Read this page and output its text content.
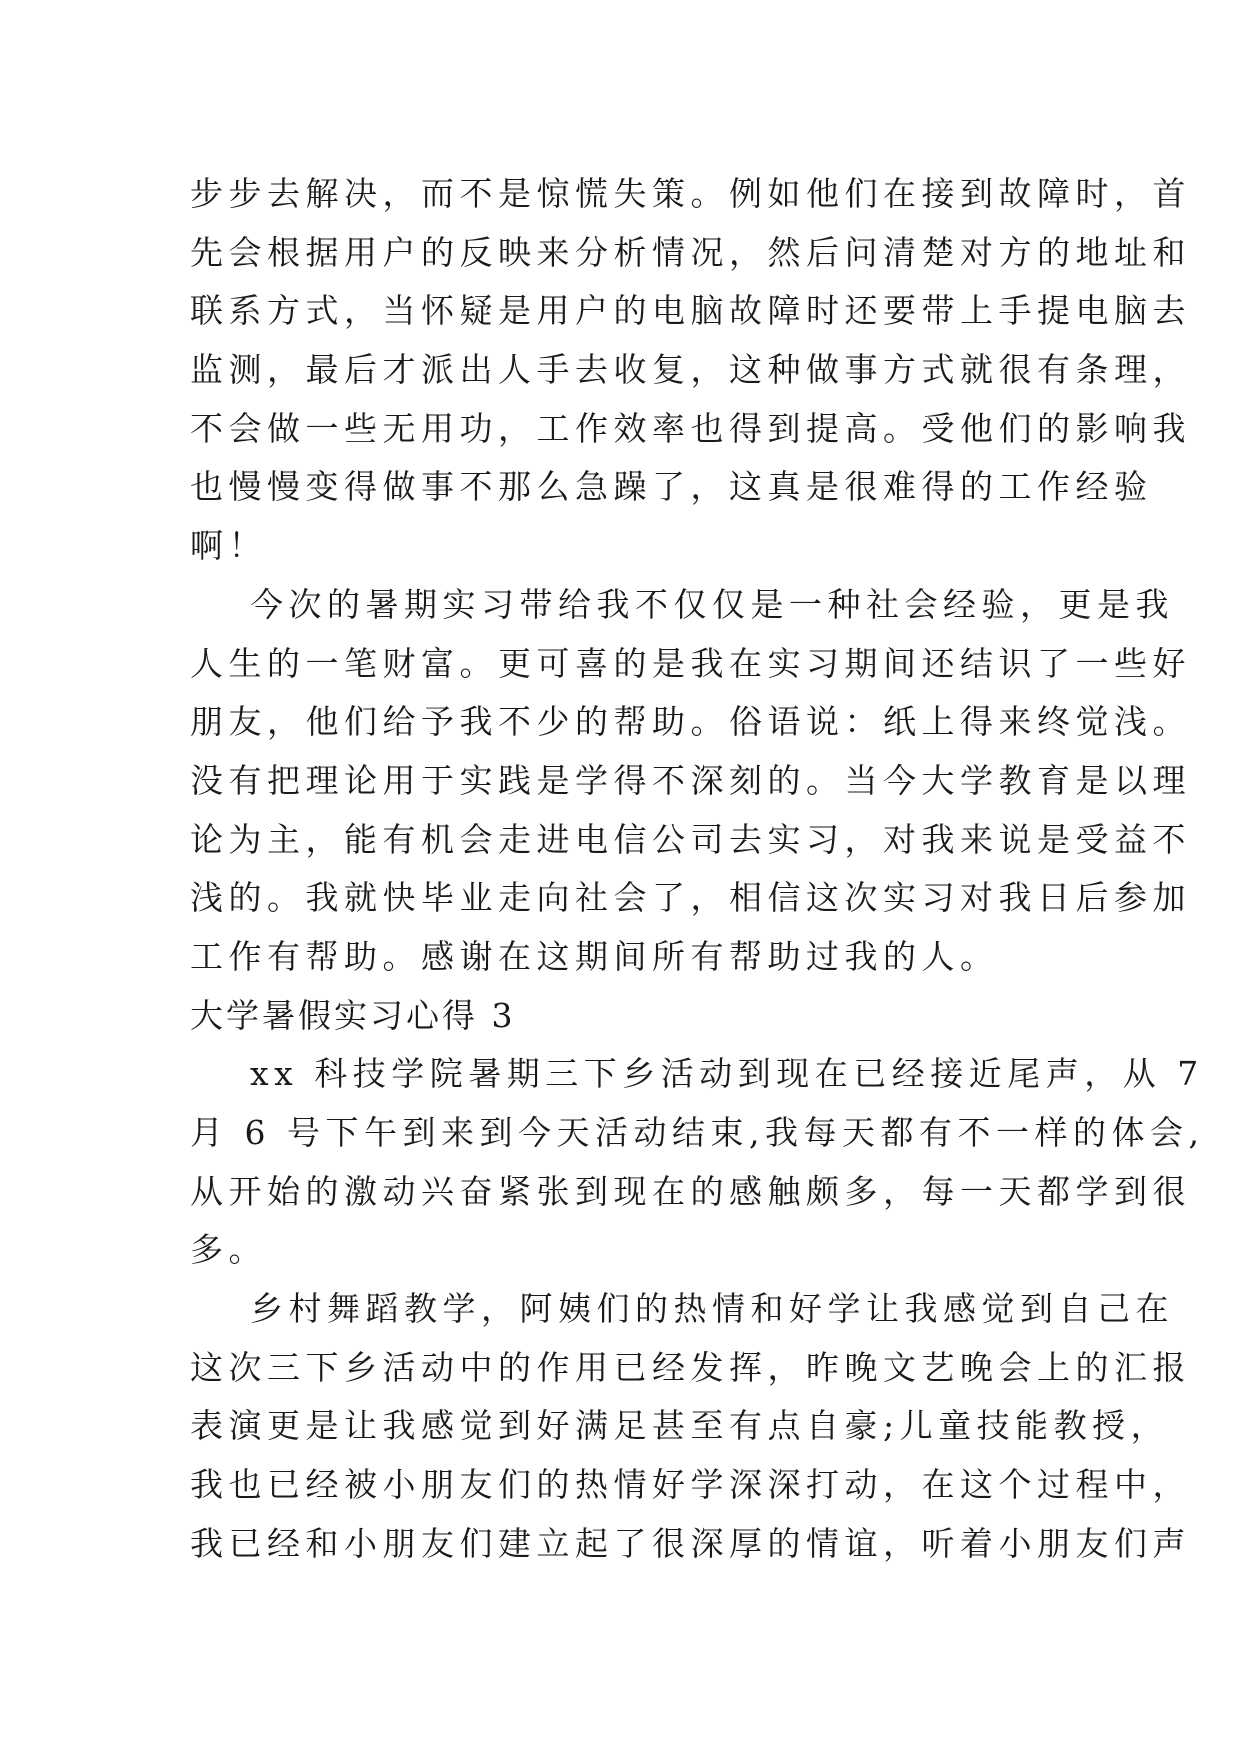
步步去解决，而不是惊慌失策。例如他们在接到故障时，首
先会根据用户的反映来分析情况，然后问清楚对方的地址和
联系方式，当怀疑是用户的电脑故障时还要带上手提电脑去
监测，最后才派出人手去收复，这种做事方式就很有条理，
不会做一些无用功，工作效率也得到提高。受他们的影响我
也慢慢变得做事不那么急躁了，这真是很难得的工作经验
啊！
今次的暑期实习带给我不仅仅是一种社会经验，更是我
人生的一笔财富。更可喜的是我在实习期间还结识了一些好
朋友，他们给予我不少的帮助。俗语说：纸上得来终觉浅。
没有把理论用于实践是学得不深刻的。当今大学教育是以理
论为主，能有机会走进电信公司去实习，对我来说是受益不
浅的。我就快毕业走向社会了，相信这次实习对我日后参加
工作有帮助。感谢在这期间所有帮助过我的人。
大学暑假实习心得 3
xx 科技学院暑期三下乡活动到现在已经接近尾声，从 7
月 6 号下午到来到今天活动结束,我每天都有不一样的体会,
从开始的激动兴奋紧张到现在的感触颇多，每一天都学到很
多。
乡村舞蹈教学，阿姨们的热情和好学让我感觉到自己在
这次三下乡活动中的作用已经发挥，昨晚文艺晚会上的汇报
表演更是让我感觉到好满足甚至有点自豪;儿童技能教授，
我也已经被小朋友们的热情好学深深打动，在这个过程中，
我已经和小朋友们建立起了很深厚的情谊，听着小朋友们声
